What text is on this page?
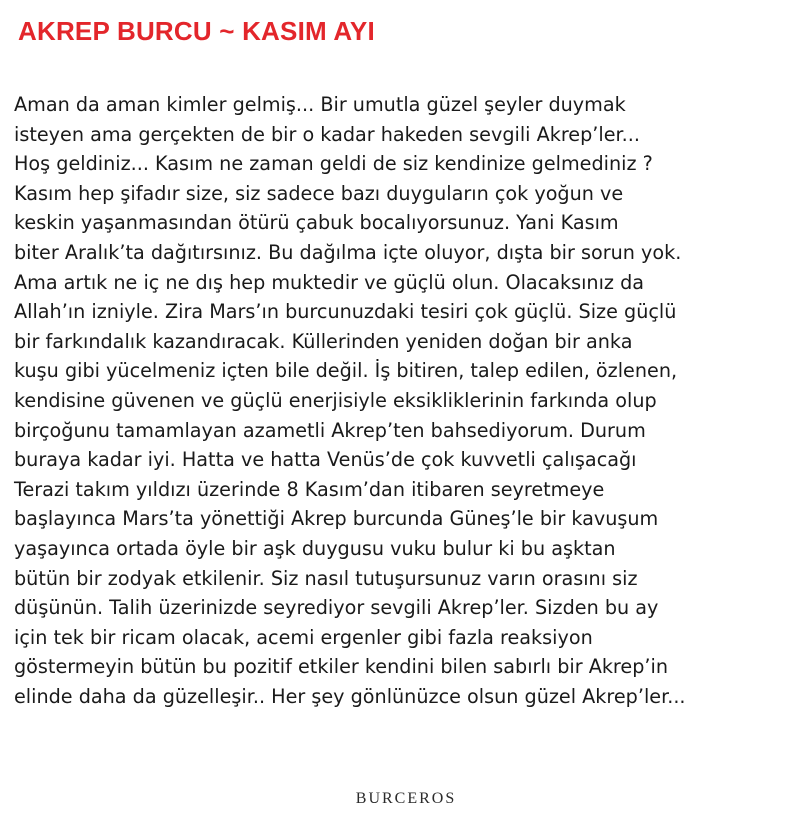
AKREP BURCU ~ KASIM AYI
Aman da aman kimler gelmiş... Bir umutla güzel şeyler duymak
isteyen ama gerçekten de bir o kadar hakeden sevgili Akrep’ler...
Hoş geldiniz... Kasım ne zaman geldi de siz kendinize gelmediniz ?
Kasım hep şifadır size, siz sadece bazı duyguların çok yoğun ve
keskin yaşanmasından ötürü çabuk bocalıyorsunuz. Yani Kasım
biter Aralık’ta dağıtırsınız. Bu dağılma içte oluyor, dışta bir sorun yok.
Ama artık ne iç ne dış hep muktedir ve güçlü olun. Olacaksınız da
Allah’ın izniyle. Zira Mars’ın burcunuzdaki tesiri çok güçlü. Size güçlü
bir farkındalık kazandıracak. Küllerinden yeniden doğan bir anka
kuşu gibi yücelmeniz içten bile değil. İş bitiren, talep edilen, özlenen,
kendisine güvenen ve güçlü enerjisiyle eksikliklerinin farkında olup
birçoğunu tamamlayan azametli Akrep’ten bahsediyorum. Durum
buraya kadar iyi. Hatta ve hatta Venüs’de çok kuvvetli çalışacağı
Terazi takım yıldızı üzerinde 8 Kasım’dan itibaren seyretmeye
başlayınca Mars’ta yönettiği Akrep burcunda Güneş’le bir kavuşum
yaşayınca ortada öyle bir aşk duygusu vuku bulur ki bu aşktan
bütün bir zodyak etkilenir. Siz nasıl tutuşursunuz varın orasını siz
düşünün. Talih üzerinizde seyrediyor sevgili Akrep’ler. Sizden bu ay
için tek bir ricam olacak, acemi ergenler gibi fazla reaksiyon
göstermeyin bütün bu pozitif etkiler kendini bilen sabırlı bir Akrep’in
elinde daha da güzelleşir.. Her şey gönlünüzce olsun güzel Akrep’ler...
BURCEROS
